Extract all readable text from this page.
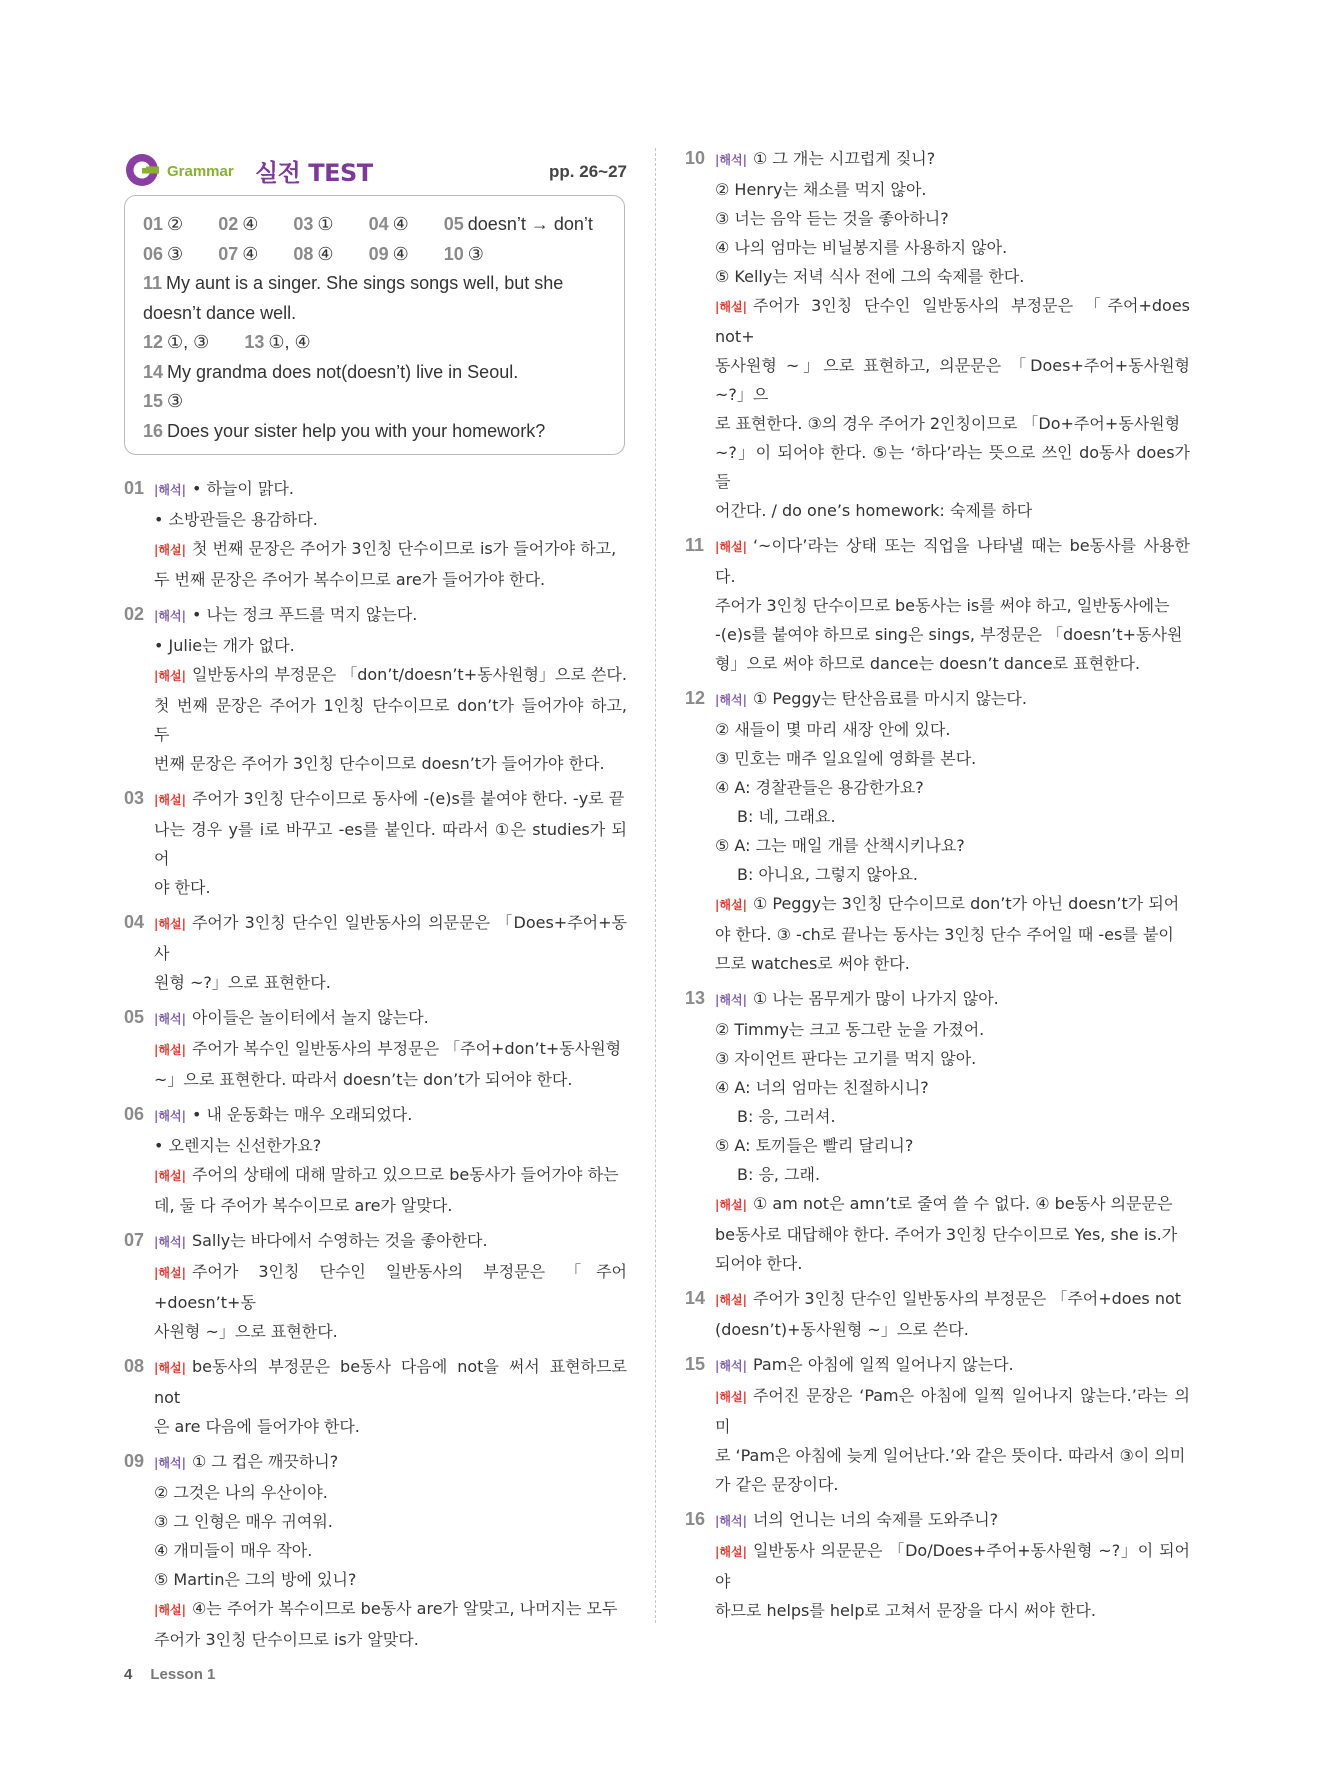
Grammar 실전 TEST	pp. 26~27
01 ② 02 ④ 03 ① 04 ④ 05 doesn’t → don’t
06 ③ 07 ④ 08 ④ 09 ④ 10 ③
11 My aunt is a singer. She sings songs well, but she
doesn’t dance well.
12 ①, ③ 13 ①, ④
14 My grandma does not(doesn’t) live in Seoul.
15 ③
16 Does your sister help you with your homework?
01 |해석| • 하늘이 맑다.
• 소방관들은 용감하다.
|해설| 첫 번째 문장은 주어가 3인칭 단수이므로 is가 들어가야 하고,
두 번째 문장은 주어가 복수이므로 are가 들어가야 한다.
02 |해석| • 나는 정크 푸드를 먹지 않는다.
• Julie는 개가 없다.
|해설| 일반동사의 부정문은 「don’t/doesn’t+동사원형」으로 쓴다.
첫 번째 문장은 주어가 1인칭 단수이므로 don’t가 들어가야 하고, 두
번째 문장은 주어가 3인칭 단수이므로 doesn’t가 들어가야 한다.
03 |해설| 주어가 3인칭 단수이므로 동사에 -(e)s를 붙여야 한다. -y로 끝
나는 경우 y를 i로 바꾸고 -es를 붙인다. 따라서 ①은 studies가 되어
야 한다.
04 |해설| 주어가 3인칭 단수인 일반동사의 의문문은 「Does+주어+동사
원형 ~?」으로 표현한다.
05 |해석| 아이들은 놀이터에서 놀지 않는다.
|해설| 주어가 복수인 일반동사의 부정문은 「주어+don’t+동사원형
~」으로 표현한다. 따라서 doesn’t는 don’t가 되어야 한다.
06 |해석| • 내 운동화는 매우 오래되었다.
• 오렌지는 신선한가요?
|해설| 주어의 상태에 대해 말하고 있으므로 be동사가 들어가야 하는
데, 둘 다 주어가 복수이므로 are가 알맞다.
07 |해석| Sally는 바다에서 수영하는 것을 좋아한다.
|해설| 주어가 3인칭 단수인 일반동사의 부정문은 「주어+doesn’t+동
사원형 ~」으로 표현한다.
08 |해설| be동사의 부정문은 be동사 다음에 not을 써서 표현하므로 not
은 are 다음에 들어가야 한다.
09 |해석| ① 그 컵은 깨끗하니?
② 그것은 나의 우산이야.
③ 그 인형은 매우 귀여워.
④ 개미들이 매우 작아.
⑤ Martin은 그의 방에 있니?
|해설| ④는 주어가 복수이므로 be동사 are가 알맞고, 나머지는 모두
주어가 3인칭 단수이므로 is가 알맞다.
10 |해석| ① 그 개는 시끄럽게 짖니?
② Henry는 채소를 먹지 않아.
③ 너는 음악 듣는 것을 좋아하니?
④ 나의 엄마는 비닐봉지를 사용하지 않아.
⑤ Kelly는 저녁 식사 전에 그의 숙제를 한다.
|해설| 주어가 3인칭 단수인 일반동사의 부정문은 「주어+does not+
동사원형 ~」으로 표현하고, 의문문은 「Does+주어+동사원형 ~?」으
로 표현한다. ③의 경우 주어가 2인칭이므로 「Do+주어+동사원형
~?」이 되어야 한다. ⑤는 ‘하다’라는 뜻으로 쓰인 do동사 does가 들
어간다. / do one’s homework: 숙제를 하다
11 |해설| ‘~이다’라는 상태 또는 직업을 나타낼 때는 be동사를 사용한다.
주어가 3인칭 단수이므로 be동사는 is를 써야 하고, 일반동사에는
-(e)s를 붙여야 하므로 sing은 sings, 부정문은 「doesn’t+동사원
형」으로 써야 하므로 dance는 doesn’t dance로 표현한다.
12 |해석| ① Peggy는 탄산음료를 마시지 않는다.
② 새들이 몇 마리 새장 안에 있다.
③ 민호는 매주 일요일에 영화를 본다.
④ A: 경찰관들은 용감한가요?
B: 네, 그래요.
⑤ A: 그는 매일 개를 산책시키나요?
B: 아니요, 그렇지 않아요.
|해설| ① Peggy는 3인칭 단수이므로 don’t가 아닌 doesn’t가 되어
야 한다. ③ -ch로 끝나는 동사는 3인칭 단수 주어일 때 -es를 붙이
므로 watches로 써야 한다.
13 |해석| ① 나는 몸무게가 많이 나가지 않아.
② Timmy는 크고 동그란 눈을 가졌어.
③ 자이언트 판다는 고기를 먹지 않아.
④ A: 너의 엄마는 친절하시니?
B: 응, 그러셔.
⑤ A: 토끼들은 빨리 달리니?
B: 응, 그래.
|해설| ① am not은 amn’t로 줄여 쓸 수 없다. ④ be동사 의문문은
be동사로 대답해야 한다. 주어가 3인칭 단수이므로 Yes, she is.가
되어야 한다.
14 |해설| 주어가 3인칭 단수인 일반동사의 부정문은 「주어+does not
(doesn’t)+동사원형 ~」으로 쓴다.
15 |해석| Pam은 아침에 일찍 일어나지 않는다.
|해설| 주어진 문장은 ‘Pam은 아침에 일찍 일어나지 않는다.’라는 의미
로 ‘Pam은 아침에 늦게 일어난다.’와 같은 뜻이다. 따라서 ③이 의미
가 같은 문장이다.
16 |해석| 너의 언니는 너의 숙제를 도와주니?
|해설| 일반동사 의문문은 「Do/Does+주어+동사원형 ~?」이 되어야
하므로 helps를 help로 고쳐서 문장을 다시 써야 한다.
4 Lesson 1
